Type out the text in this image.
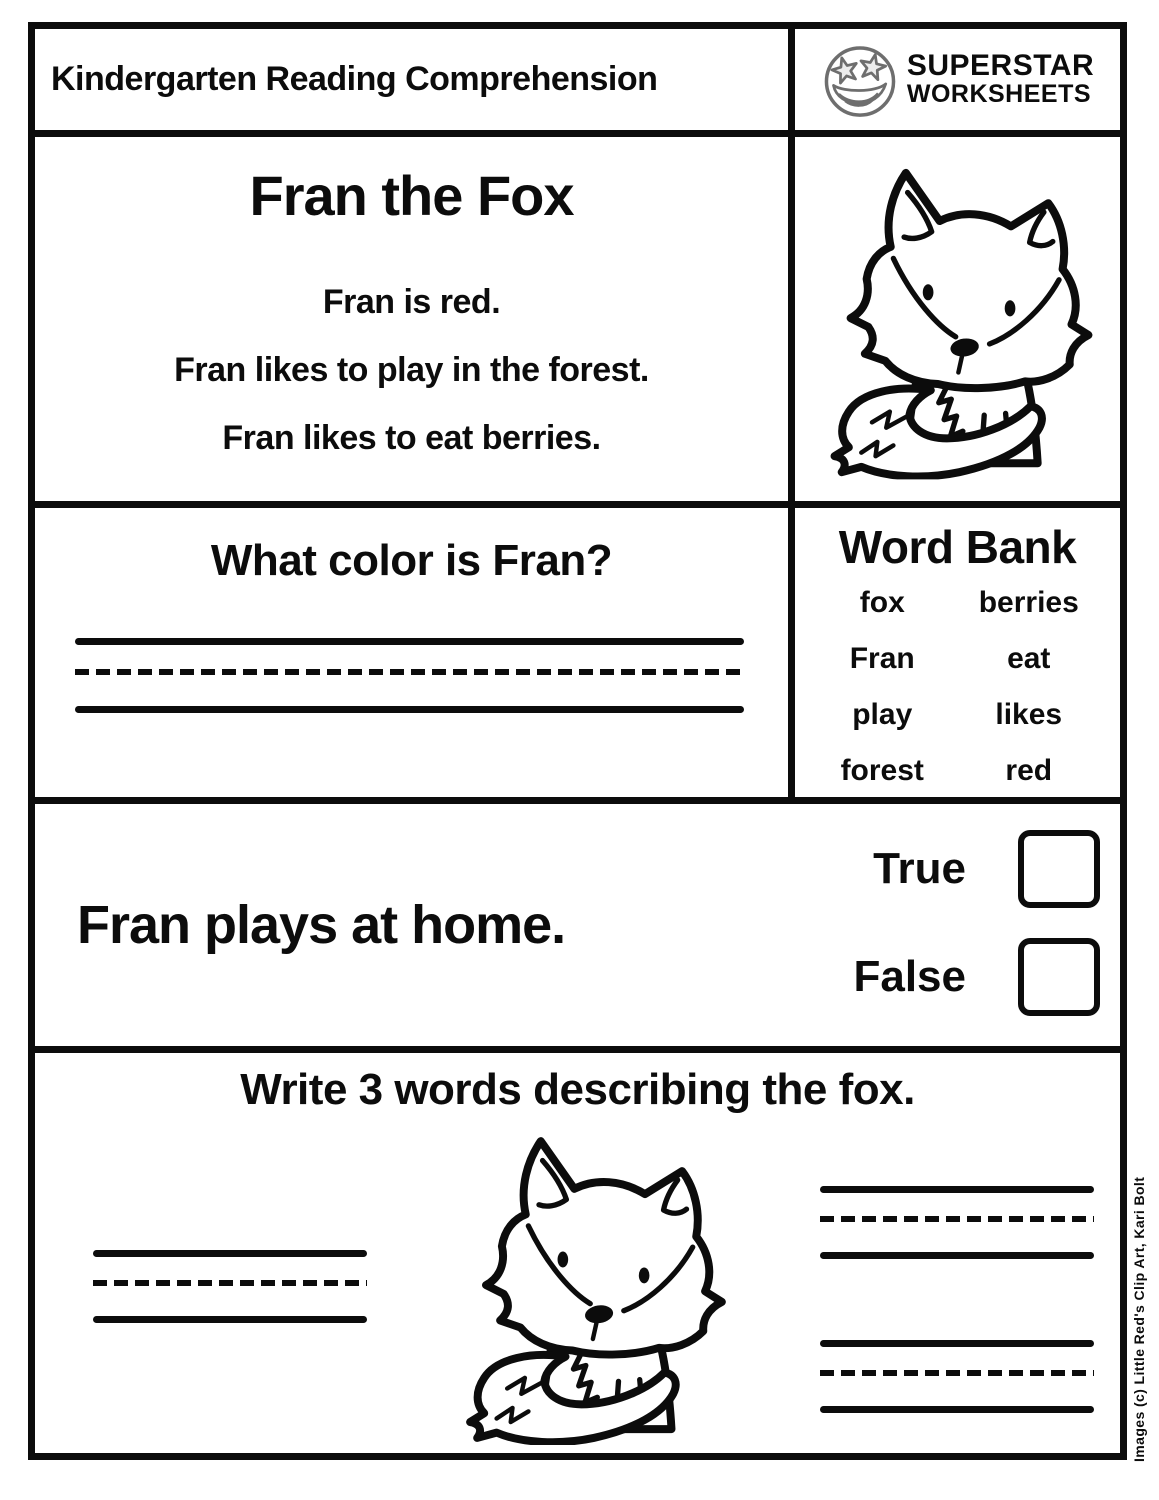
Kindergarten Reading Comprehension	SUPERSTAR
WORKSHEETS
Fran the Fox
Fran is red.
Fran likes to play in the forest.
Fran likes to eat berries.
What color is Fran?	Word Bank
fox	berries
Fran	eat
play	likes
forest	red
Fran plays at home.
True
False
Write 3 words describing the fox.
Images (c) Little Red's Clip Art, Kari Bolt
